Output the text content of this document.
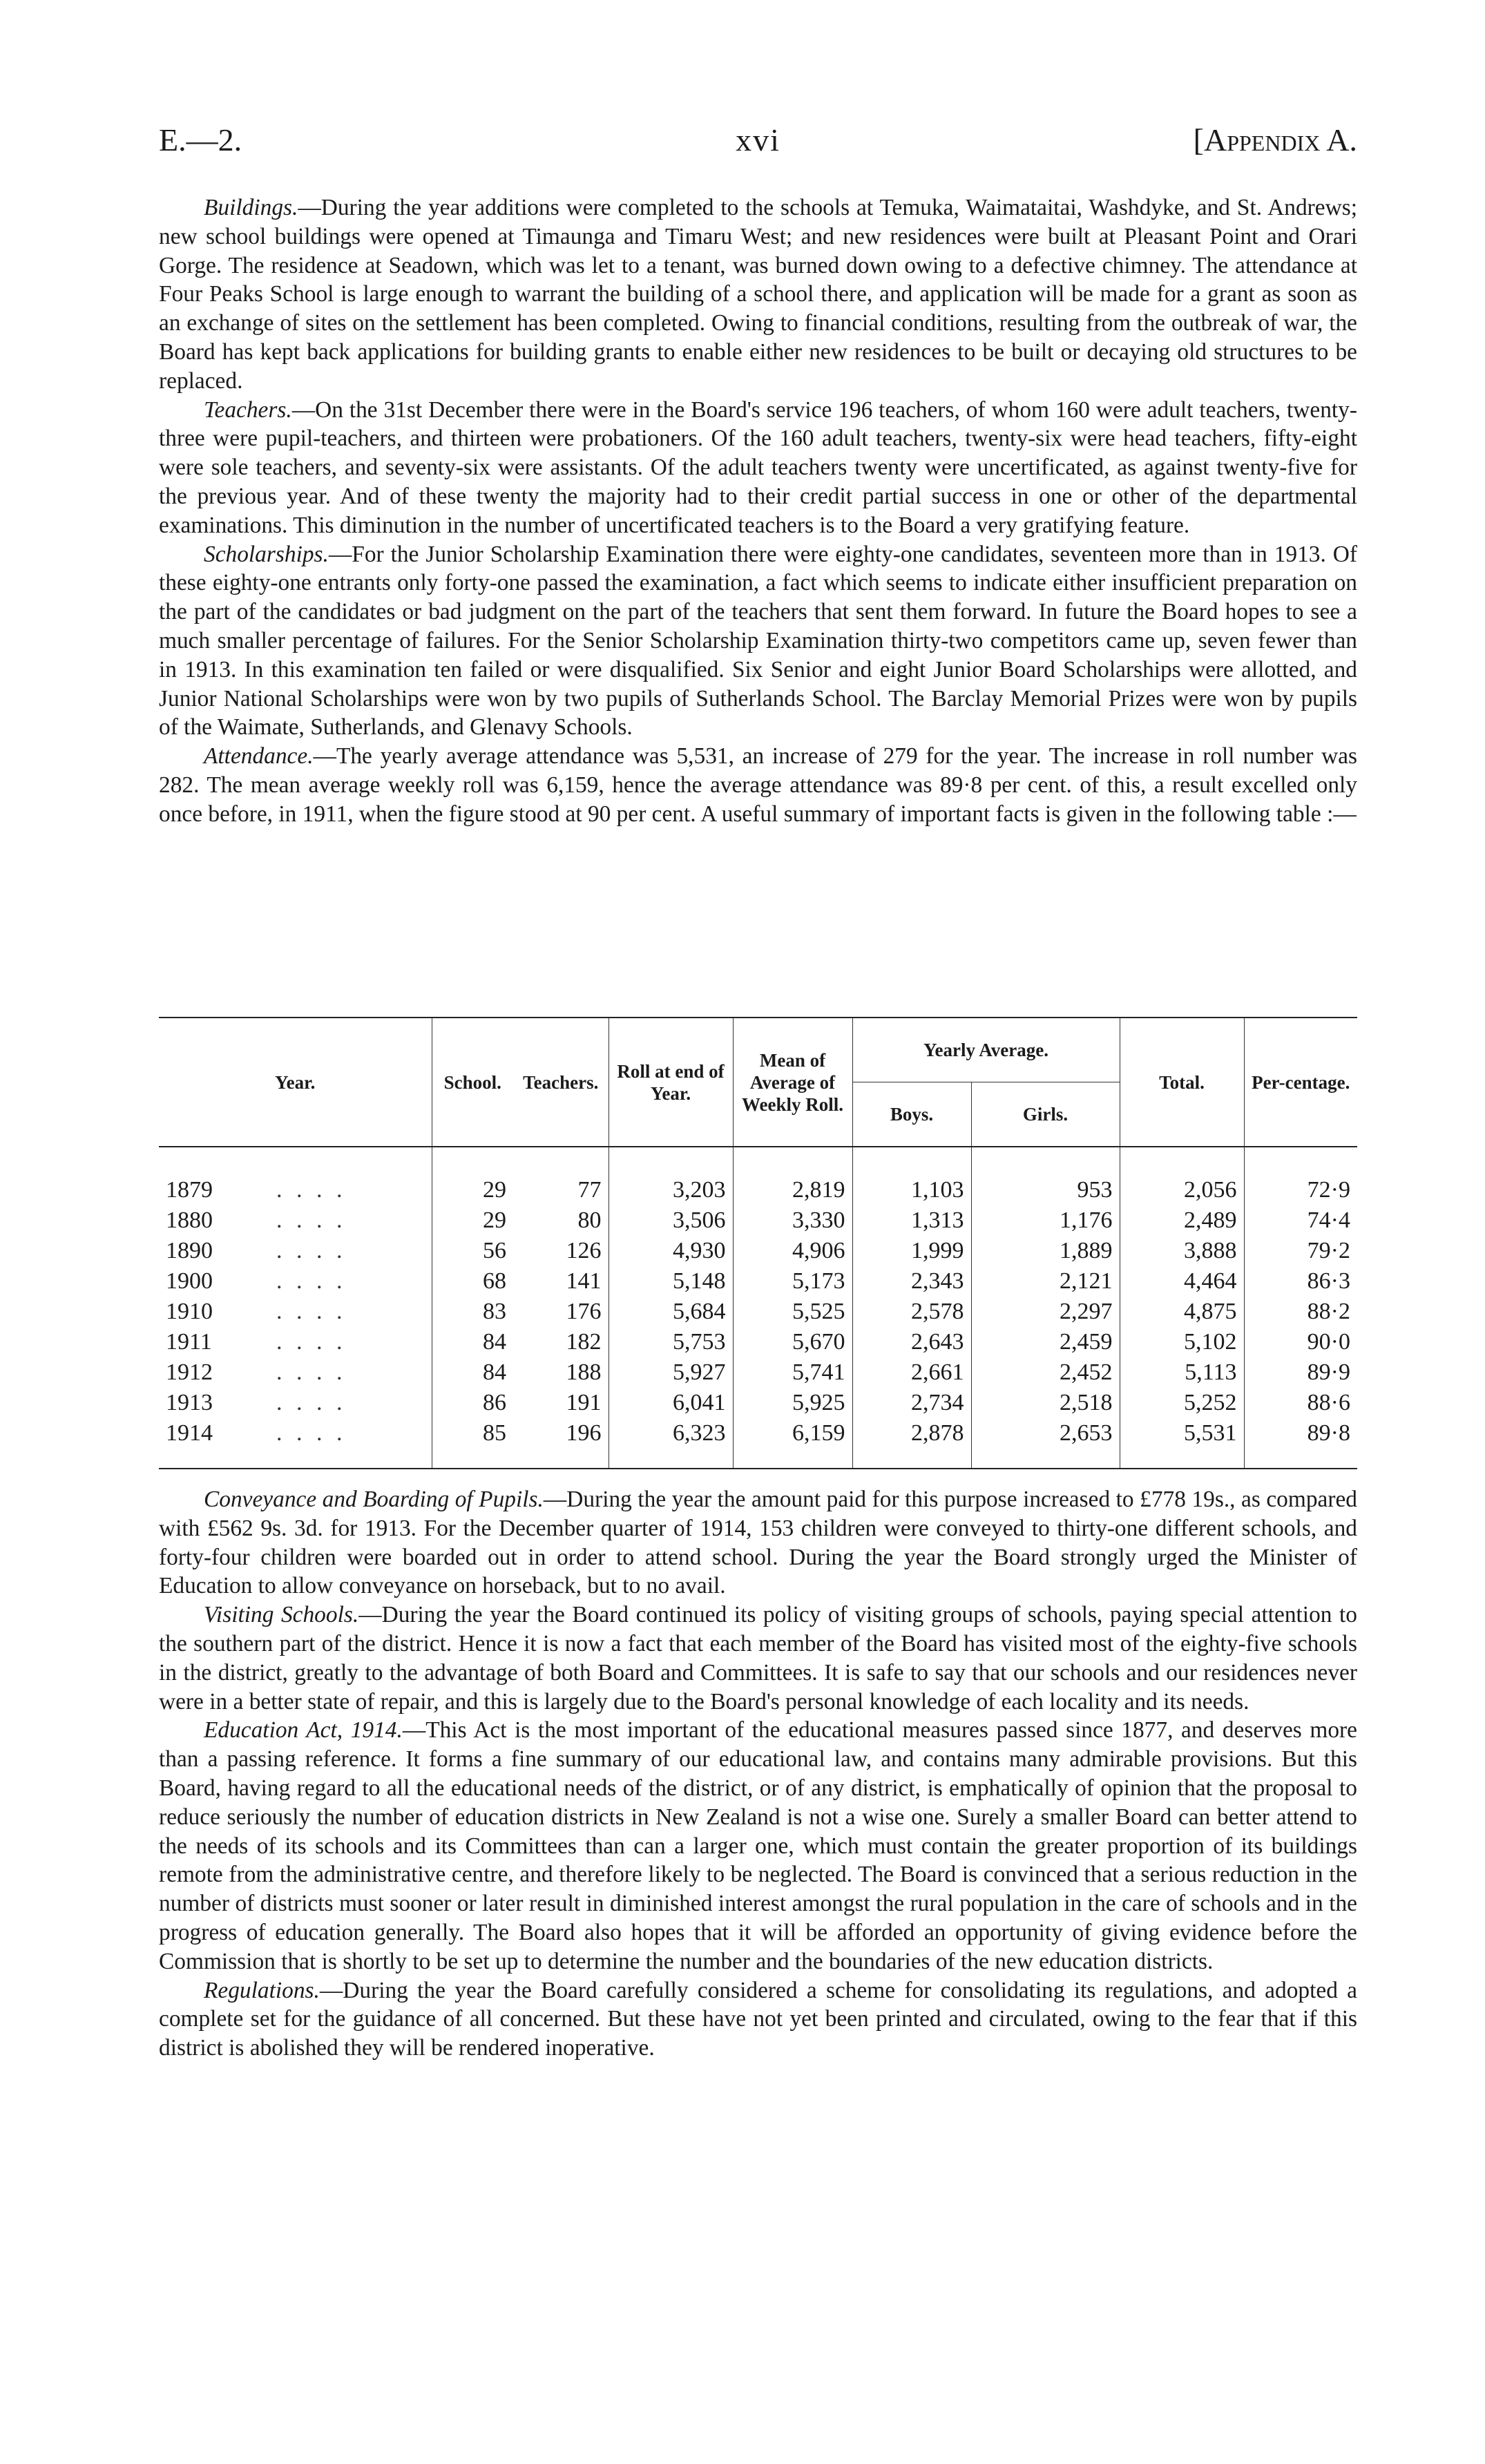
E.—2.	xvi	[Appendix A.

Buildings.—During the year additions were completed to the schools at Temuka, Waimataitai, Washdyke, and St. Andrews; new school buildings were opened at Timaunga and Timaru West; and new residences were built at Pleasant Point and Orari Gorge. The residence at Seadown, which was let to a tenant, was burned down owing to a defective chimney. The attendance at Four Peaks School is large enough to warrant the building of a school there, and application will be made for a grant as soon as an exchange of sites on the settlement has been completed. Owing to financial conditions, resulting from the outbreak of war, the Board has kept back applications for building grants to enable either new residences to be built or decaying old structures to be replaced.

Teachers.—On the 31st December there were in the Board's service 196 teachers, of whom 160 were adult teachers, twenty-three were pupil-teachers, and thirteen were probationers. Of the 160 adult teachers, twenty-six were head teachers, fifty-eight were sole teachers, and seventy-six were assistants. Of the adult teachers twenty were uncertificated, as against twenty-five for the previous year. And of these twenty the majority had to their credit partial success in one or other of the departmental examinations. This diminution in the number of uncertificated teachers is to the Board a very gratifying feature.

Scholarships.—For the Junior Scholarship Examination there were eighty-one candidates, seventeen more than in 1913. Of these eighty-one entrants only forty-one passed the examination, a fact which seems to indicate either insufficient preparation on the part of the candidates or bad judgment on the part of the teachers that sent them forward. In future the Board hopes to see a much smaller percentage of failures. For the Senior Scholarship Examination thirty-two competitors came up, seven fewer than in 1913. In this examination ten failed or were disqualified. Six Senior and eight Junior Board Scholarships were allotted, and Junior National Scholarships were won by two pupils of Sutherlands School. The Barclay Memorial Prizes were won by pupils of the Waimate, Sutherlands, and Glenavy Schools.

Attendance.—The yearly average attendance was 5,531, an increase of 279 for the year. The increase in roll number was 282. The mean average weekly roll was 6,159, hence the average attendance was 89·8 per cent. of this, a result excelled only once before, in 1911, when the figure stood at 90 per cent. A useful summary of important facts is given in the following table :—

Year.	School.	Teachers.	Roll at end of Year.	Mean of Average of Weekly Roll.	Yearly Average.		Total.	Per-centage.
					Boys.	Girls.		

1879 . . . .	29	77	3,203	2,819	1,103	953	2,056	72·9

1880 . . . .	29	80	3,506	3,330	1,313	1,176	2,489	74·4

1890 . . . .	56	126	4,930	4,906	1,999	1,889	3,888	79·2

1900 . . . .	68	141	5,148	5,173	2,343	2,121	4,464	86·3

1910 . . . .	83	176	5,684	5,525	2,578	2,297	4,875	88·2

1911 . . . .	84	182	5,753	5,670	2,643	2,459	5,102	90·0

1912 . . . .	84	188	5,927	5,741	2,661	2,452	5,113	89·9

1913 . . . .	86	191	6,041	5,925	2,734	2,518	5,252	88·6

1914 . . . .	85	196	6,323	6,159	2,878	2,653	5,531	89·8

Conveyance and Boarding of Pupils.—During the year the amount paid for this purpose increased to £778 19s., as compared with £562 9s. 3d. for 1913. For the December quarter of 1914, 153 children were conveyed to thirty-one different schools, and forty-four children were boarded out in order to attend school. During the year the Board strongly urged the Minister of Education to allow conveyance on horseback, but to no avail.

Visiting Schools.—During the year the Board continued its policy of visiting groups of schools, paying special attention to the southern part of the district. Hence it is now a fact that each member of the Board has visited most of the eighty-five schools in the district, greatly to the advantage of both Board and Committees. It is safe to say that our schools and our residences never were in a better state of repair, and this is largely due to the Board's personal knowledge of each locality and its needs.

Education Act, 1914.—This Act is the most important of the educational measures passed since 1877, and deserves more than a passing reference. It forms a fine summary of our educational law, and contains many admirable provisions. But this Board, having regard to all the educational needs of the district, or of any district, is emphatically of opinion that the proposal to reduce seriously the number of education districts in New Zealand is not a wise one. Surely a smaller Board can better attend to the needs of its schools and its Committees than can a larger one, which must contain the greater proportion of its buildings remote from the administrative centre, and therefore likely to be neglected. The Board is convinced that a serious reduction in the number of districts must sooner or later result in diminished interest amongst the rural population in the care of schools and in the progress of education generally. The Board also hopes that it will be afforded an opportunity of giving evidence before the Commission that is shortly to be set up to determine the number and the boundaries of the new education districts.

Regulations.—During the year the Board carefully considered a scheme for consolidating its regulations, and adopted a complete set for the guidance of all concerned. But these have not yet been printed and circulated, owing to the fear that if this district is abolished they will be rendered inoperative.
